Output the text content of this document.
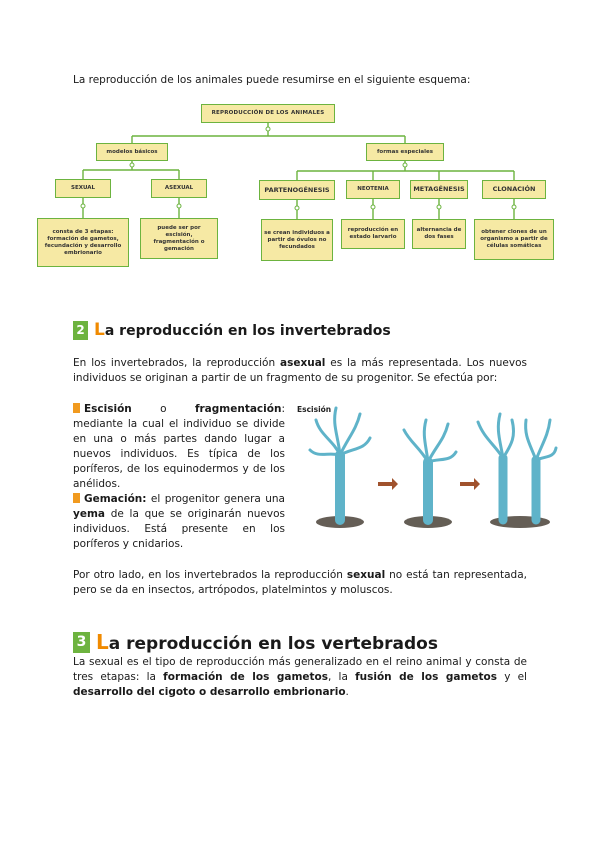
La reproducción de los animales puede resumirse en el siguiente esquema:
REPRODUCCIÓN DE LOS ANIMALES
modelos básicos	formas especiales
SEXUAL	ASEXUAL
consta de 3 etapas: formación de gametos, fecundación y desarrollo embrionario
puede ser por escisión, fragmentación o gemación
PARTENOGÉNESIS	NEOTENIA	METAGÉNESIS	CLONACIÓN
se crean individuos a partir de óvulos no fecundados
reproducción en estado larvario
alternancia de dos fases
obtener clones de un organismo a partir de células somáticas
2 La reproducción en los invertebrados
En los invertebrados, la reproducción asexual es la más representada. Los nuevos individuos se originan a partir de un fragmento de su progenitor. Se efectúa por:
Escisión o fragmentación: mediante la cual el individuo se divide en una o más partes dando lugar a nuevos individuos. Es típica de los poríferos, de los equinodermos y de los anélidos.
Gemación: el progenitor genera una yema de la que se originarán nuevos individuos. Está presente en los poríferos y cnidarios.
Escisión
Por otro lado, en los invertebrados la reproducción sexual no está tan representada, pero se da en insectos, artrópodos, platelmintos y moluscos.
3 La reproducción en los vertebrados
La sexual es el tipo de reproducción más generalizado en el reino animal y consta de tres etapas: la formación de los gametos, la fusión de los gametos y el desarrollo del cigoto o desarrollo embrionario.
